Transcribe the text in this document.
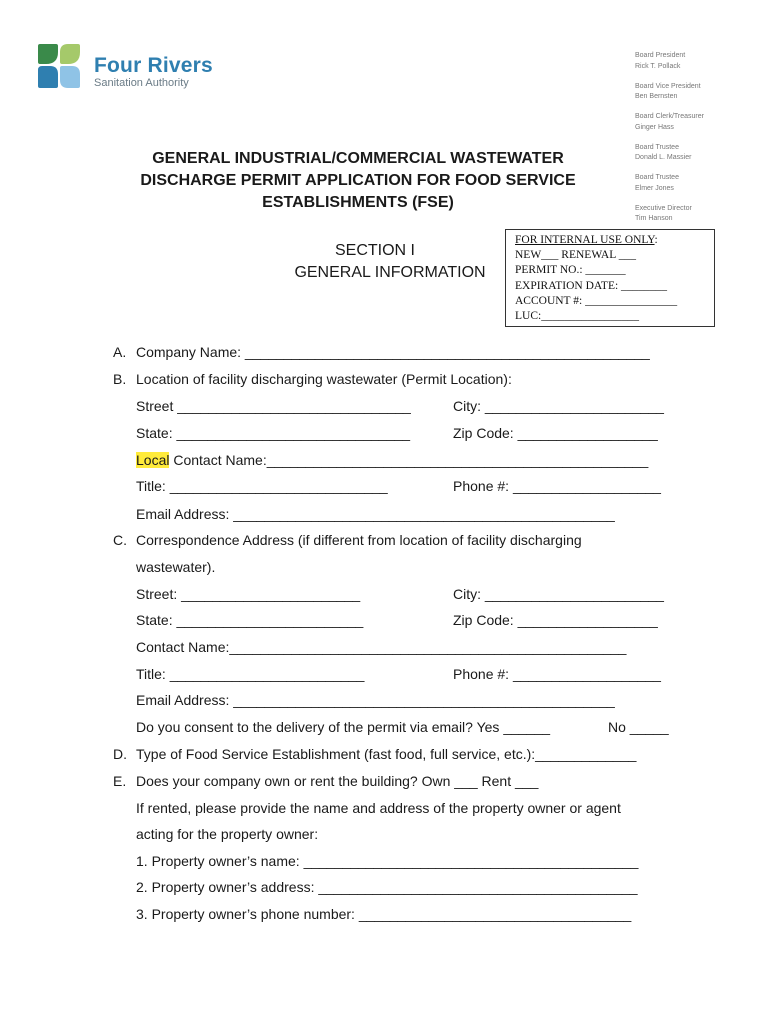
Four Rivers
Sanitation Authority
Board President
Rick T. Pollack
Board Vice President
Ben Bernsten
Board Clerk/Treasurer
Ginger Hass
Board Trustee
Donald L. Massier
Board Trustee
Elmer Jones
Executive Director
Tim Hanson
GENERAL INDUSTRIAL/COMMERCIAL WASTEWATER
DISCHARGE PERMIT APPLICATION FOR FOOD SERVICE
ESTABLISHMENTS (FSE)
SECTION I
GENERAL INFORMATION
FOR INTERNAL USE ONLY:
NEW___ RENEWAL ___
PERMIT NO.: _______
EXPIRATION DATE: ________
ACCOUNT #: ________________
LUC:_________________
A. Company Name: ____________________________________________________
B. Location of facility discharging wastewater (Permit Location):
Street ______________________________	City: _______________________
State: ______________________________	Zip Code: __________________
Local Contact Name:_________________________________________________
Title: ____________________________	Phone #: ___________________
Email Address: _________________________________________________
C. Correspondence Address (if different from location of facility discharging
wastewater).
Street: _______________________	City: _______________________
State: ________________________	Zip Code: __________________
Contact Name:___________________________________________________
Title: _________________________	Phone #: ___________________
Email Address: _________________________________________________
Do you consent to the delivery of the permit via email? Yes ______	No _____
D. Type of Food Service Establishment (fast food, full service, etc.):_____________
E. Does your company own or rent the building? Own ___ Rent ___
If rented, please provide the name and address of the property owner or agent
acting for the property owner:
1. Property owner’s name: ___________________________________________
2. Property owner’s address: _________________________________________
3. Property owner’s phone number: ___________________________________
